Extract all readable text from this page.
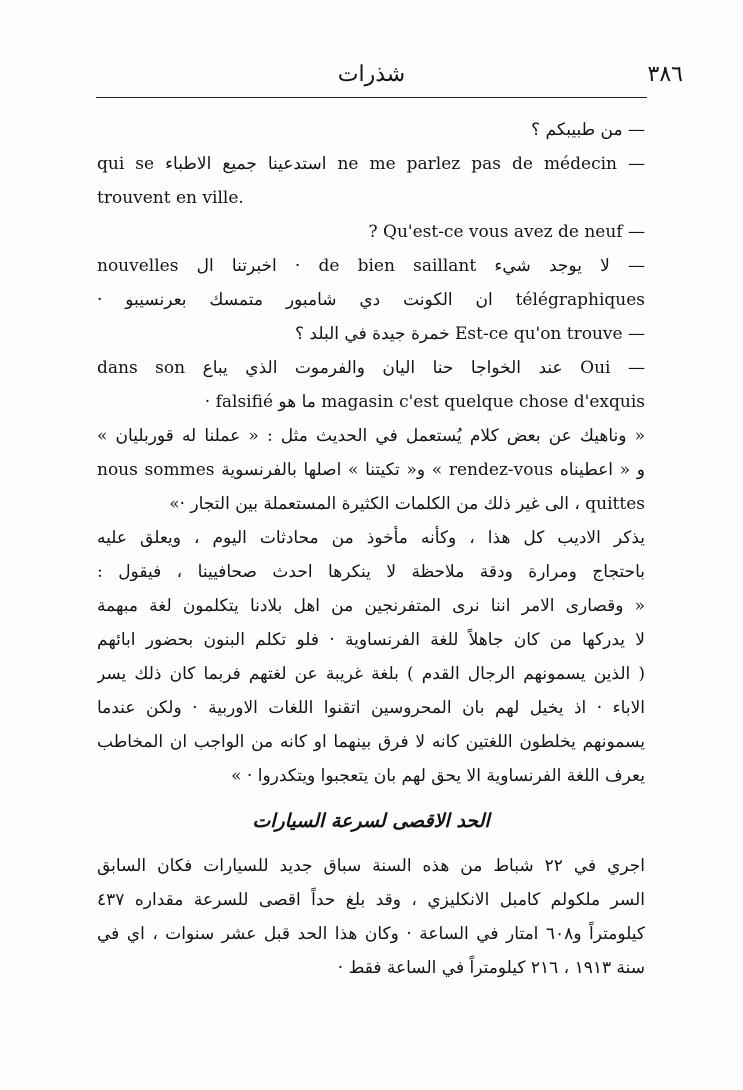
٣٨٦
شذرات
— من طبيبكم ؟
— ne me parlez pas de médecin استدعينا جميع الاطباء qui se
trouvent en ville.
— Qu'est-ce vous avez de neuf ?
— لا يوجد شيء de bien saillant · اخبرتنا ال nouvelles
télégraphiques ان الكونت دي شامبور متمسك بعرنسيبو ·
— Est-ce qu'on trouve خمرة جيدة في البلد ؟
— Oui عند الخواجا حنا اليان والفرموت الذي يباع dans son
magasin c'est quelque chose d'exquis ما هو falsifié ·
« وناهيك عن بعض كلام يُستعمل في الحديث مثل : « عملنا له قوربليان »
و « اعطيناه rendez-vous » و« تكيتنا » اصلها بالفرنسوية nous sommes
quittes ، الى غير ذلك من الكلمات الكثيرة المستعملة بين التجار ·»
يذكر الاديب كل هذا ، وكأنه مأخوذ من محادثات اليوم ، ويعلق عليه
باحتجاج ومرارة ودقة ملاحظة لا ينكرها احدث صحافيينا ، فيقول :
« وقصارى الامر اننا نرى المتفرنجين من اهل بلادنا يتكلمون لغة مبهمة
لا يدركها من كان جاهلاً للغة الفرنساوية · فلو تكلم البنون بحضور ابائهم
( الذين يسمونهم الرجال القدم ) بلغة غريبة عن لغتهم فربما كان ذلك يسر
الاباء · اذ يخيل لهم بان المحروسين اتقنوا اللغات الاوربية · ولكن عندما
يسمونهم يخلطون اللغتين كانه لا فرق بينهما او كانه من الواجب ان المخاطب
يعرف اللغة الفرنساوية الا يحق لهم بان يتعجبوا ويتكدروا · »
الحد الاقصى لسرعة السيارات
اجري في ٢٢ شباط من هذه السنة سباق جديد للسيارات فكان السابق
السر ملكولم كامبل الانكليزي ، وقد بلغ حداً اقصى للسرعة مقداره ٤٣٧
كيلومتراً و٦٠٨ امتار في الساعة · وكان هذا الحد قبل عشر سنوات ، اي في
سنة ١٩١٣ ، ٢١٦ كيلومتراً في الساعة فقط ·
